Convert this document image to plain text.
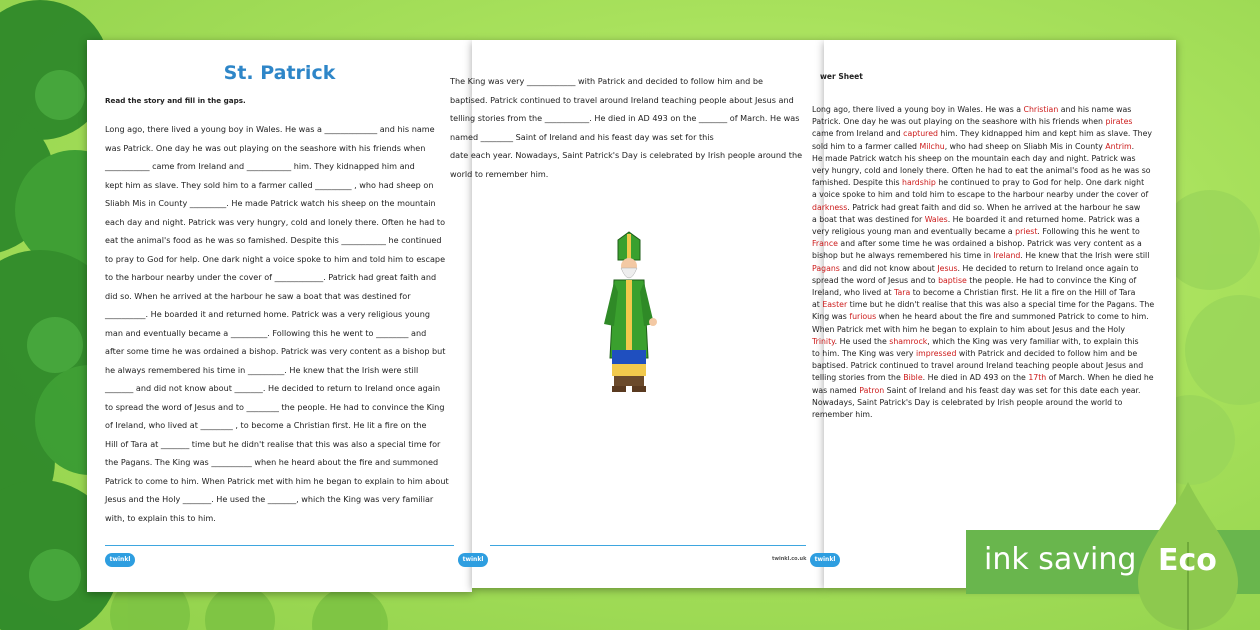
St. Patrick
Read the story and fill in the gaps.
Long ago, there lived a young boy in Wales. He was a _____________ and his name
was Patrick. One day he was out playing on the seashore with his friends when
___________ came from Ireland and ___________ him. They kidnapped him and
kept him as slave. They sold him to a farmer called _________ , who had sheep on
Sliabh Mis in County _________. He made Patrick watch his sheep on the mountain
each day and night. Patrick was very hungry, cold and lonely there. Often he had to
eat the animal's food as he was so famished. Despite this ___________ he continued
to pray to God for help. One dark night a voice spoke to him and told him to escape
to the harbour nearby under the cover of ____________. Patrick had great faith and
did so. When he arrived at the harbour he saw a boat that was destined for
__________. He boarded it and returned home. Patrick was a very religious young
man and eventually became a _________. Following this he went to ________ and
after some time he was ordained a bishop. Patrick was very content as a bishop but
he always remembered his time in _________. He knew that the Irish were still
_______ and did not know about _______. He decided to return to Ireland once again
to spread the word of Jesus and to ________ the people. He had to convince the King
of Ireland, who lived at ________ , to become a Christian first. He lit a fire on the
Hill of Tara at _______ time but he didn't realise that this was also a special time for
the Pagans. The King was __________ when he heard about the fire and summoned
Patrick to come to him. When Patrick met with him he began to explain to him about
Jesus and the Holy _______. He used the _______, which the King was very familiar
with, to explain this to him.
twinkl
The King was very ____________ with Patrick and decided to follow him and be
baptised. Patrick continued to travel around Ireland teaching people about Jesus and
telling stories from the ___________. He died in AD 493 on the _______ of March. He was
named ________ Saint of Ireland and his feast day was set for this
date each year. Nowadays, Saint Patrick's Day is celebrated by Irish people around the
world to remember him.
twinkl	twinkl.co.uk
wer Sheet
Long ago, there lived a young boy in Wales. He was a Christian and his name was
Patrick. One day he was out playing on the seashore with his friends when pirates
came from Ireland and captured him. They kidnapped him and kept him as slave. They
sold him to a farmer called Milchu, who had sheep on Sliabh Mis in County Antrim.
He made Patrick watch his sheep on the mountain each day and night. Patrick was
very hungry, cold and lonely there. Often he had to eat the animal's food as he was so
famished. Despite this hardship he continued to pray to God for help. One dark night
a voice spoke to him and told him to escape to the harbour nearby under the cover of
darkness. Patrick had great faith and did so. When he arrived at the harbour he saw
a boat that was destined for Wales. He boarded it and returned home. Patrick was a
very religious young man and eventually became a priest. Following this he went to
France and after some time he was ordained a bishop. Patrick was very content as a
bishop but he always remembered his time in Ireland. He knew that the Irish were still
Pagans and did not know about Jesus. He decided to return to Ireland once again to
spread the word of Jesus and to baptise the people. He had to convince the King of
Ireland, who lived at Tara to become a Christian first. He lit a fire on the Hill of Tara
at Easter time but he didn't realise that this was also a special time for the Pagans. The
King was furious when he heard about the fire and summoned Patrick to come to him.
When Patrick met with him he began to explain to him about Jesus and the Holy
Trinity. He used the shamrock, which the King was very familiar with, to explain this
to him. The King was very impressed with Patrick and decided to follow him and be
baptised. Patrick continued to travel around Ireland teaching people about Jesus and
telling stories from the Bible. He died in AD 493 on the 17th of March. When he died he
was named Patron Saint of Ireland and his feast day was set for this date each year.
Nowadays, Saint Patrick's Day is celebrated by Irish people around the world to
remember him.
twinkl	ink saving Eco
